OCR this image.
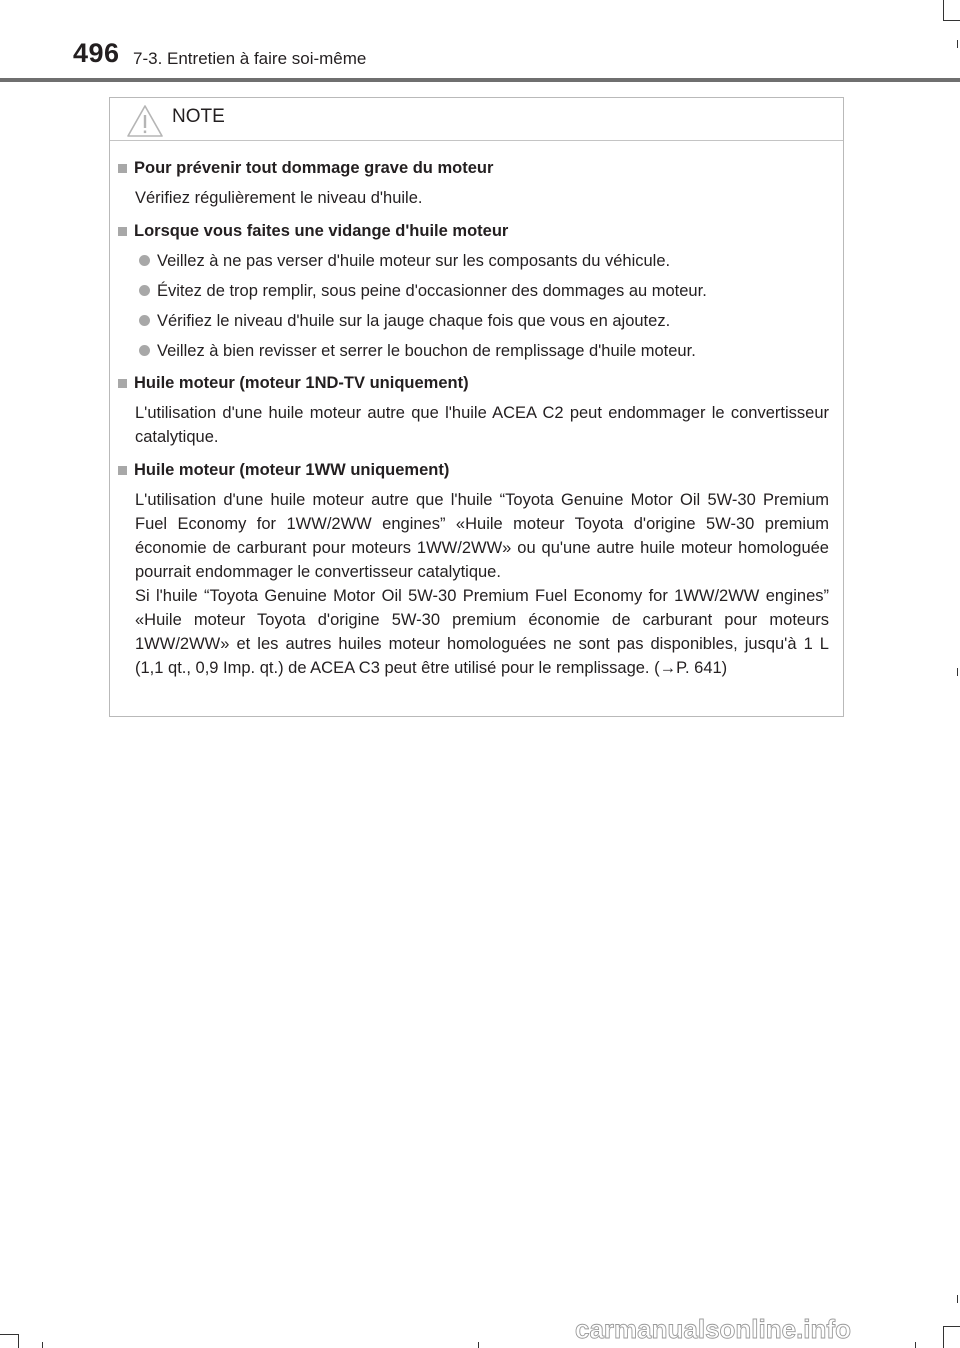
496 7-3. Entretien à faire soi-même
NOTE
Pour prévenir tout dommage grave du moteur
Vérifiez régulièrement le niveau d'huile.
Lorsque vous faites une vidange d'huile moteur
Veillez à ne pas verser d'huile moteur sur les composants du véhicule.
Évitez de trop remplir, sous peine d'occasionner des dommages au moteur.
Vérifiez le niveau d'huile sur la jauge chaque fois que vous en ajoutez.
Veillez à bien revisser et serrer le bouchon de remplissage d'huile moteur.
Huile moteur (moteur 1ND-TV uniquement)
L'utilisation d'une huile moteur autre que l'huile ACEA C2 peut endommager le convertisseur catalytique.
Huile moteur (moteur 1WW uniquement)
L'utilisation d'une huile moteur autre que l'huile “Toyota Genuine Motor Oil 5W-30 Premium Fuel Economy for 1WW/2WW engines” «Huile moteur Toyota d'origine 5W-30 premium économie de carburant pour moteurs 1WW/2WW» ou qu'une autre huile moteur homologuée pourrait endommager le convertisseur catalytique.
Si l'huile “Toyota Genuine Motor Oil 5W-30 Premium Fuel Economy for 1WW/2WW engines” «Huile moteur Toyota d'origine 5W-30 premium économie de carburant pour moteurs 1WW/2WW» et les autres huiles moteur homologuées ne sont pas disponibles, jusqu'à 1 L (1,1 qt., 0,9 Imp. qt.) de ACEA C3 peut être utilisé pour le remplissage. (→P. 641)
carmanualsonline.info
